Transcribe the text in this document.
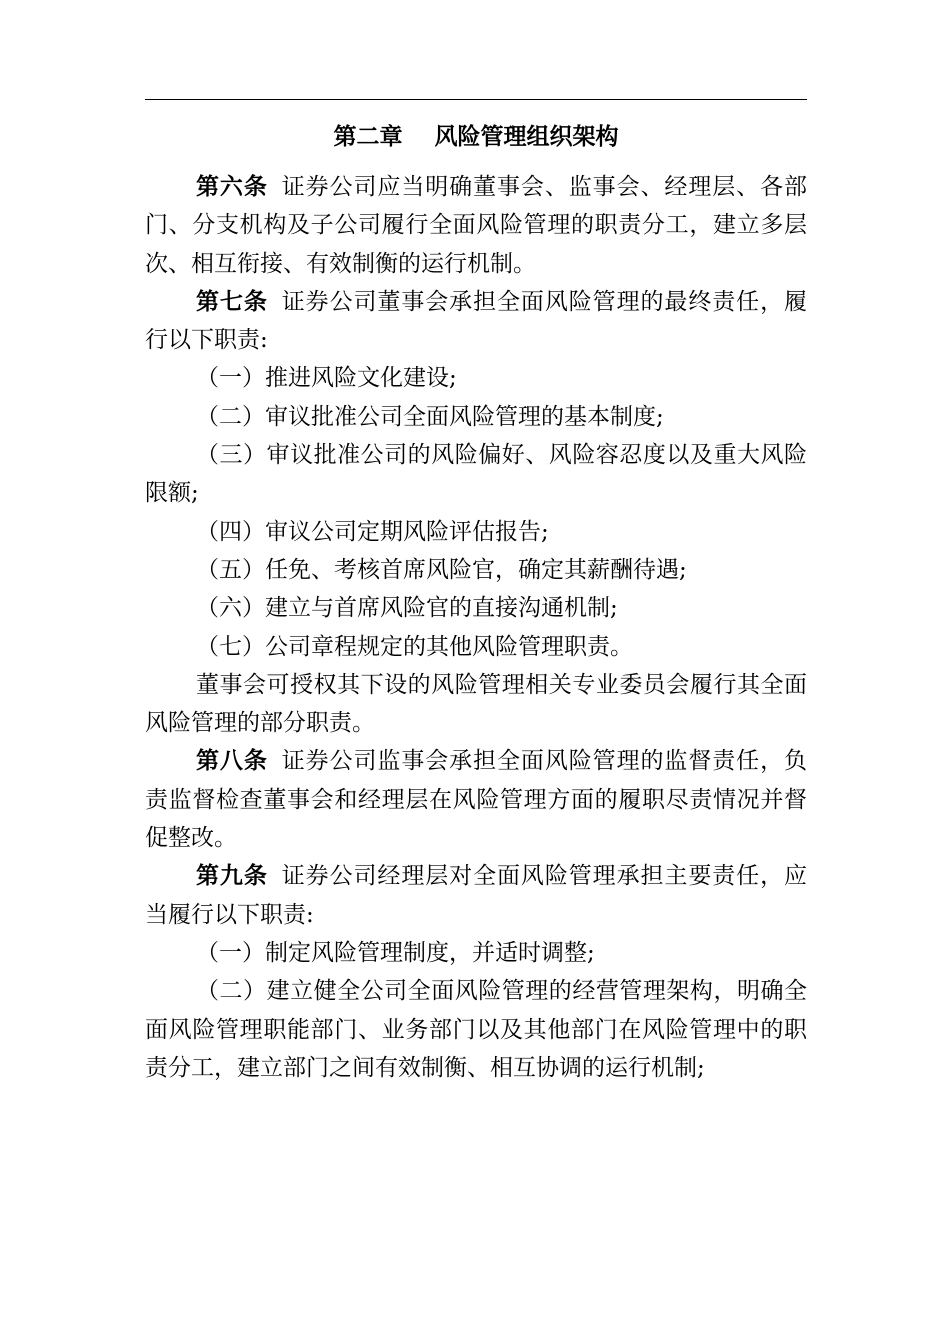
第二章    风险管理组织架构

第六条 证券公司应当明确董事会、监事会、经理层、各部门、分支机构及子公司履行全面风险管理的职责分工，建立多层次、相互衔接、有效制衡的运行机制。

第七条 证券公司董事会承担全面风险管理的最终责任，履行以下职责:

（一）推进风险文化建设;

（二）审议批准公司全面风险管理的基本制度;

（三）审议批准公司的风险偏好、风险容忍度以及重大风险限额;

（四）审议公司定期风险评估报告;

（五）任免、考核首席风险官，确定其薪酬待遇;

（六）建立与首席风险官的直接沟通机制;

（七）公司章程规定的其他风险管理职责。

董事会可授权其下设的风险管理相关专业委员会履行其全面风险管理的部分职责。

第八条 证券公司监事会承担全面风险管理的监督责任，负责监督检查董事会和经理层在风险管理方面的履职尽责情况并督促整改。

第九条 证券公司经理层对全面风险管理承担主要责任，应当履行以下职责:

（一）制定风险管理制度，并适时调整;

（二）建立健全公司全面风险管理的经营管理架构，明确全面风险管理职能部门、业务部门以及其他部门在风险管理中的职责分工，建立部门之间有效制衡、相互协调的运行机制;
